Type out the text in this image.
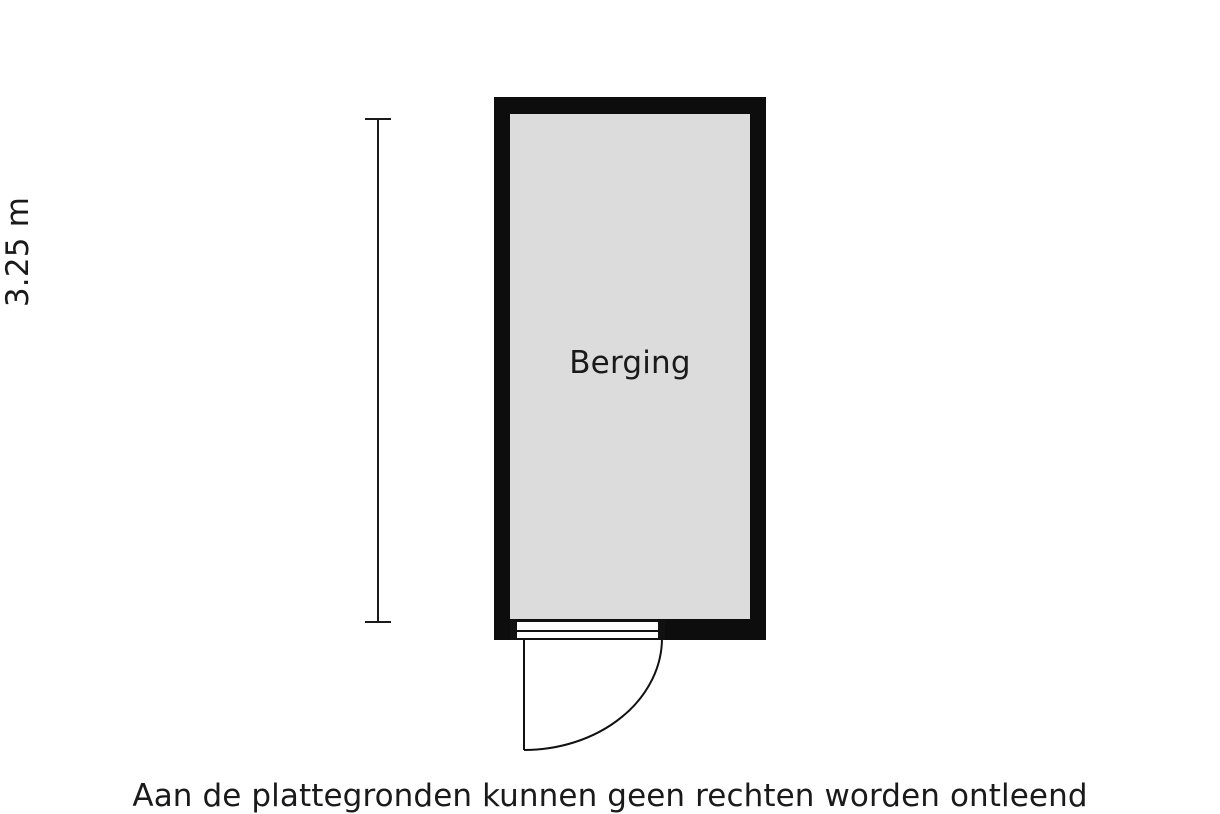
3.25 m
Berging
Aan de plattegronden kunnen geen rechten worden ontleend
